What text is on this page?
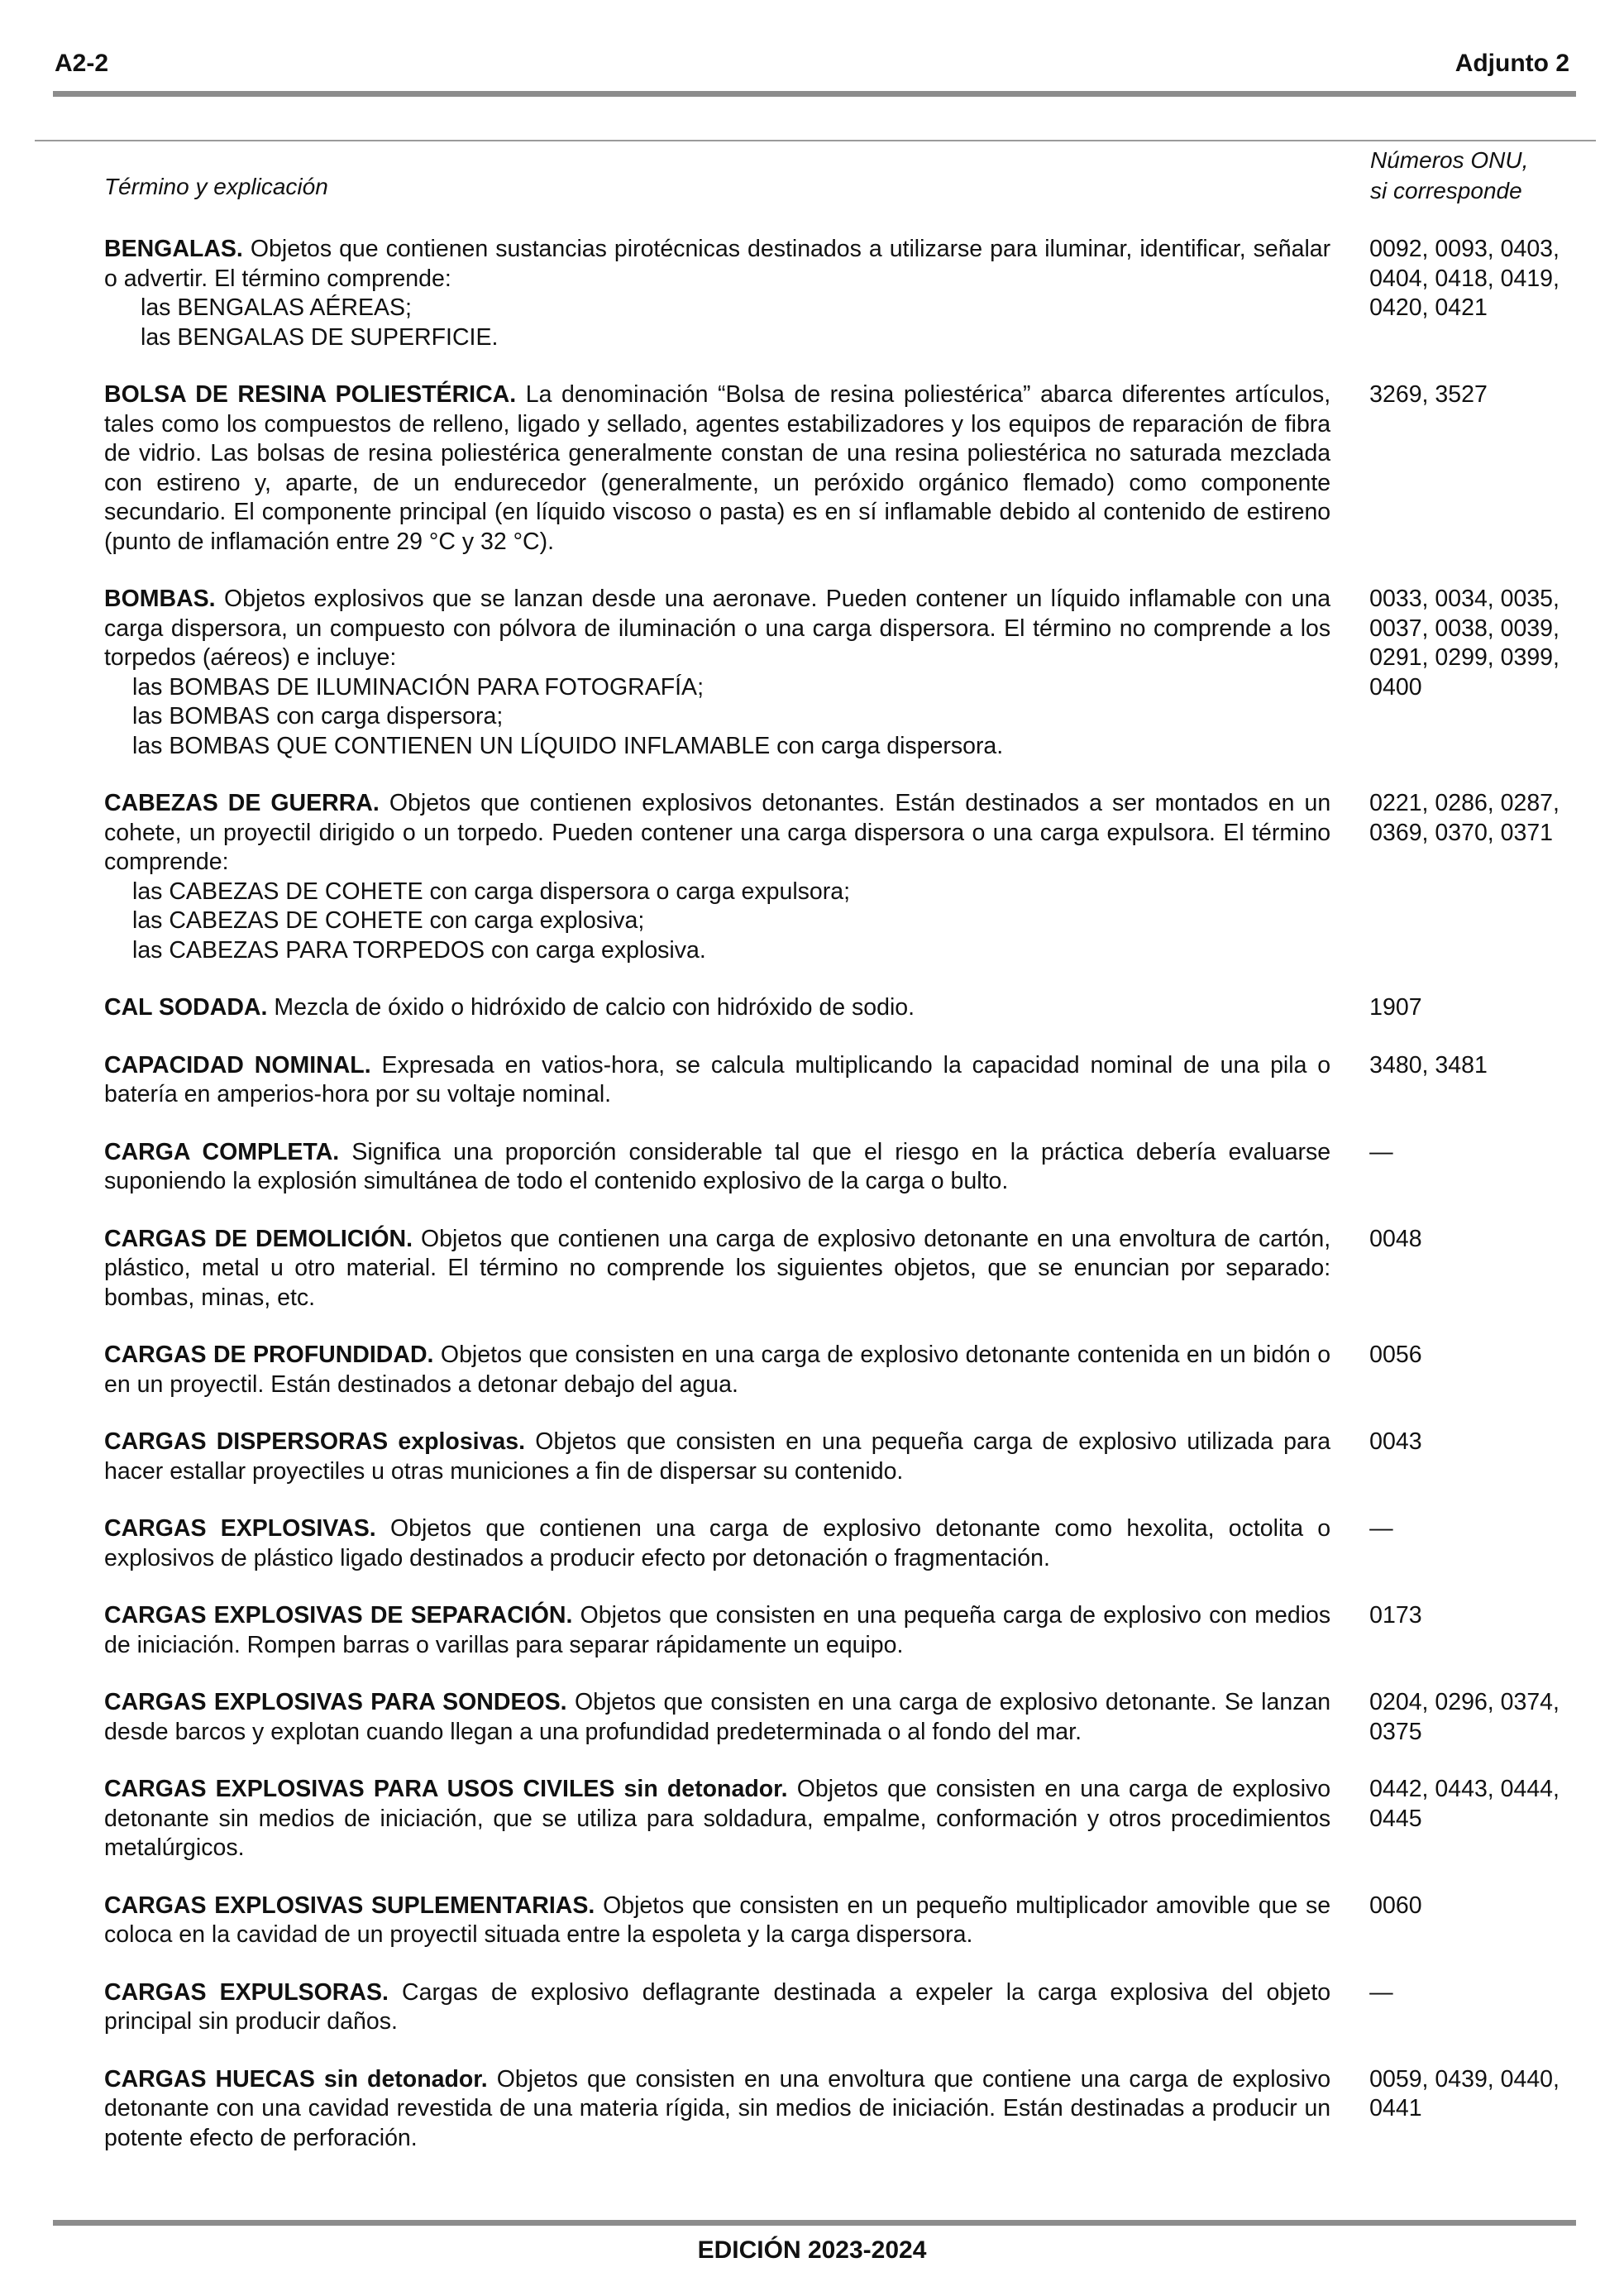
A2-2	Adjunto 2
Término y explicación
Números ONU,
si corresponde
BENGALAS. Objetos que contienen sustancias pirotécnicas destinados a utilizarse para iluminar, identificar, señalar o advertir. El término comprende:
las BENGALAS AÉREAS;
las BENGALAS DE SUPERFICIE.
0092, 0093, 0403, 0404, 0418, 0419, 0420, 0421
BOLSA DE RESINA POLIESTÉRICA. La denominación “Bolsa de resina poliestérica” abarca diferentes artículos, tales como los compuestos de relleno, ligado y sellado, agentes estabilizadores y los equipos de reparación de fibra de vidrio. Las bolsas de resina poliestérica generalmente constan de una resina poliestérica no saturada mezclada con estireno y, aparte, de un endurecedor (generalmente, un peróxido orgánico flemado) como componente secundario. El componente principal (en líquido viscoso o pasta) es en sí inflamable debido al contenido de estireno (punto de inflamación entre 29 °C y 32 °C).
3269, 3527
BOMBAS. Objetos explosivos que se lanzan desde una aeronave. Pueden contener un líquido inflamable con una carga dispersora, un compuesto con pólvora de iluminación o una carga dispersora. El término no comprende a los torpedos (aéreos) e incluye:
las BOMBAS DE ILUMINACIÓN PARA FOTOGRAFÍA;
las BOMBAS con carga dispersora;
las BOMBAS QUE CONTIENEN UN LÍQUIDO INFLAMABLE con carga dispersora.
0033, 0034, 0035, 0037, 0038, 0039, 0291, 0299, 0399, 0400
CABEZAS DE GUERRA. Objetos que contienen explosivos detonantes. Están destinados a ser montados en un cohete, un proyectil dirigido o un torpedo. Pueden contener una carga dispersora o una carga expulsora. El término comprende:
las CABEZAS DE COHETE con carga dispersora o carga expulsora;
las CABEZAS DE COHETE con carga explosiva;
las CABEZAS PARA TORPEDOS con carga explosiva.
0221, 0286, 0287, 0369, 0370, 0371
CAL SODADA. Mezcla de óxido o hidróxido de calcio con hidróxido de sodio.	1907
CAPACIDAD NOMINAL. Expresada en vatios-hora, se calcula multiplicando la capacidad nominal de una pila o batería en amperios-hora por su voltaje nominal.
3480, 3481
CARGA COMPLETA. Significa una proporción considerable tal que el riesgo en la práctica debería evaluarse suponiendo la explosión simultánea de todo el contenido explosivo de la carga o bulto.
—
CARGAS DE DEMOLICIÓN. Objetos que contienen una carga de explosivo detonante en una envoltura de cartón, plástico, metal u otro material. El término no comprende los siguientes objetos, que se enuncian por separado: bombas, minas, etc.
0048
CARGAS DE PROFUNDIDAD. Objetos que consisten en una carga de explosivo detonante contenida en un bidón o en un proyectil. Están destinados a detonar debajo del agua.
0056
CARGAS DISPERSORAS explosivas. Objetos que consisten en una pequeña carga de explosivo utilizada para hacer estallar proyectiles u otras municiones a fin de dispersar su contenido.
0043
CARGAS EXPLOSIVAS. Objetos que contienen una carga de explosivo detonante como hexolita, octolita o explosivos de plástico ligado destinados a producir efecto por detonación o fragmentación.
—
CARGAS EXPLOSIVAS DE SEPARACIÓN. Objetos que consisten en una pequeña carga de explosivo con medios de iniciación. Rompen barras o varillas para separar rápidamente un equipo.
0173
CARGAS EXPLOSIVAS PARA SONDEOS. Objetos que consisten en una carga de explosivo detonante. Se lanzan desde barcos y explotan cuando llegan a una profundidad predeterminada o al fondo del mar.
0204, 0296, 0374, 0375
CARGAS EXPLOSIVAS PARA USOS CIVILES sin detonador. Objetos que consisten en una carga de explosivo detonante sin medios de iniciación, que se utiliza para soldadura, empalme, conformación y otros procedimientos metalúrgicos.
0442, 0443, 0444, 0445
CARGAS EXPLOSIVAS SUPLEMENTARIAS. Objetos que consisten en un pequeño multiplicador amovible que se coloca en la cavidad de un proyectil situada entre la espoleta y la carga dispersora.
0060
CARGAS EXPULSORAS. Cargas de explosivo deflagrante destinada a expeler la carga explosiva del objeto principal sin producir daños.
—
CARGAS HUECAS sin detonador. Objetos que consisten en una envoltura que contiene una carga de explosivo detonante con una cavidad revestida de una materia rígida, sin medios de iniciación. Están destinadas a producir un potente efecto de perforación.
0059, 0439, 0440, 0441
EDICIÓN 2023-2024
